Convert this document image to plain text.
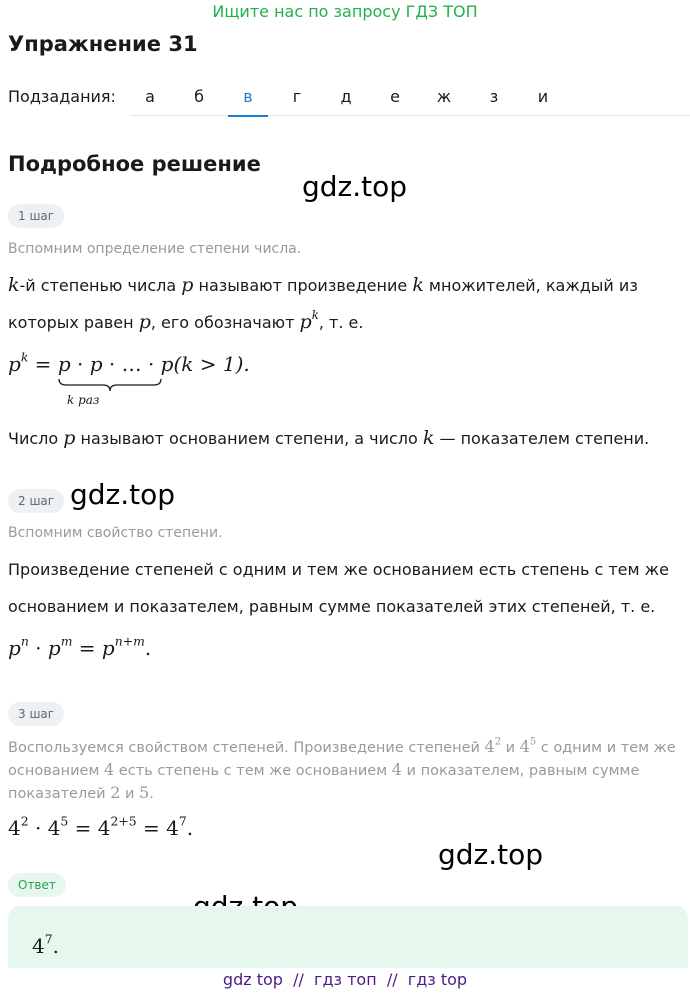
Ищите нас по запросу ГДЗ ТОП
Упражнение 31
Подзадания:	а	б	в	г	д	е	ж	з	и
Подробное решение
gdz.top
gdz.top
gdz.top
1 шаг
Вспомним определение степени числа.
k-й степенью числа p называют произведение k множителей, каждый из
которых равен p, его обозначают $p^k$, т. е.
$p^k = p \cdot p$ · … · p(k > 1).
k раз
Число p называют основанием степени, а число k — показателем степени.
2 шаг
Вспомним свойство степени.
Произведение степеней с одним и тем же основанием есть степень с тем же
основанием и показателем, равным сумме показателей этих степеней, т. е.
$p^n \cdot p^m = p^{n+m}$.
3 шаг
Воспользуемся свойством степеней. Произведение степеней $4^2$ и $4^5$ с одним и тем же
основанием 4 есть степень с тем же основанием 4 и показателем, равным сумме
показателей 2 и 5.
$4^2 \cdot 4^5 = 4^{2+5} = 4^7$.
Ответ
$4^7$.
gdz top  //  гдз топ  //  гдз top
